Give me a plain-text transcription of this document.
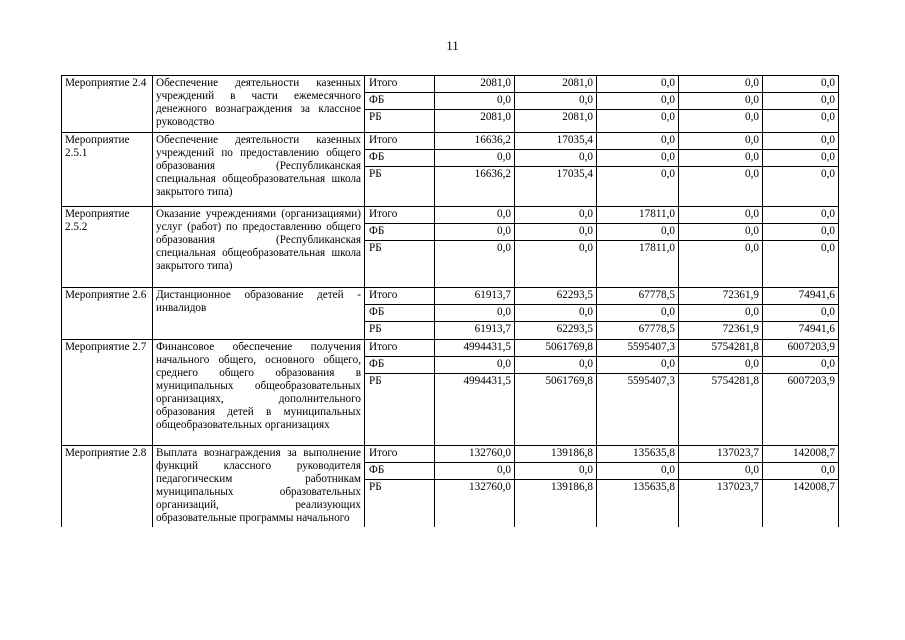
11
Мероприятие 2.4	Обеспечение деятельности казенных учреждений в части ежемесячного денежного вознаграждения за классное руководство	Итого	2081,0	2081,0	0,0	0,0	0,0
		ФБ	0,0	0,0	0,0	0,0	0,0
		РБ	2081,0	2081,0	0,0	0,0	0,0
Мероприятие 2.5.1	Обеспечение деятельности казенных учреждений по предоставлению общего образования (Республиканская специальная общеобразовательная школа закрытого типа)	Итого	16636,2	17035,4	0,0	0,0	0,0
		ФБ	0,0	0,0	0,0	0,0	0,0
		РБ	16636,2	17035,4	0,0	0,0	0,0
Мероприятие 2.5.2	Оказание учреждениями (организациями) услуг (работ) по предоставлению общего образования (Республиканская специальная общеобразовательная школа закрытого типа)	Итого	0,0	0,0	17811,0	0,0	0,0
		ФБ	0,0	0,0	0,0	0,0	0,0
		РБ	0,0	0,0	17811,0	0,0	0,0
Мероприятие 2.6	Дистанционное образование детей - инвалидов	Итого	61913,7	62293,5	67778,5	72361,9	74941,6
		ФБ	0,0	0,0	0,0	0,0	0,0
		РБ	61913,7	62293,5	67778,5	72361,9	74941,6
Мероприятие 2.7	Финансовое обеспечение получения начального общего, основного общего, среднего общего образования в муниципальных общеобразовательных организациях, дополнительного образования детей в муниципальных общеобразовательных организациях	Итого	4994431,5	5061769,8	5595407,3	5754281,8	6007203,9
		ФБ	0,0	0,0	0,0	0,0	0,0
		РБ	4994431,5	5061769,8	5595407,3	5754281,8	6007203,9
Мероприятие 2.8	Выплата вознаграждения за выполнение функций классного руководителя педагогическим работникам муниципальных образовательных организаций, реализующих образовательные программы начального	Итого	132760,0	139186,8	135635,8	137023,7	142008,7
		ФБ	0,0	0,0	0,0	0,0	0,0
		РБ	132760,0	139186,8	135635,8	137023,7	142008,7
